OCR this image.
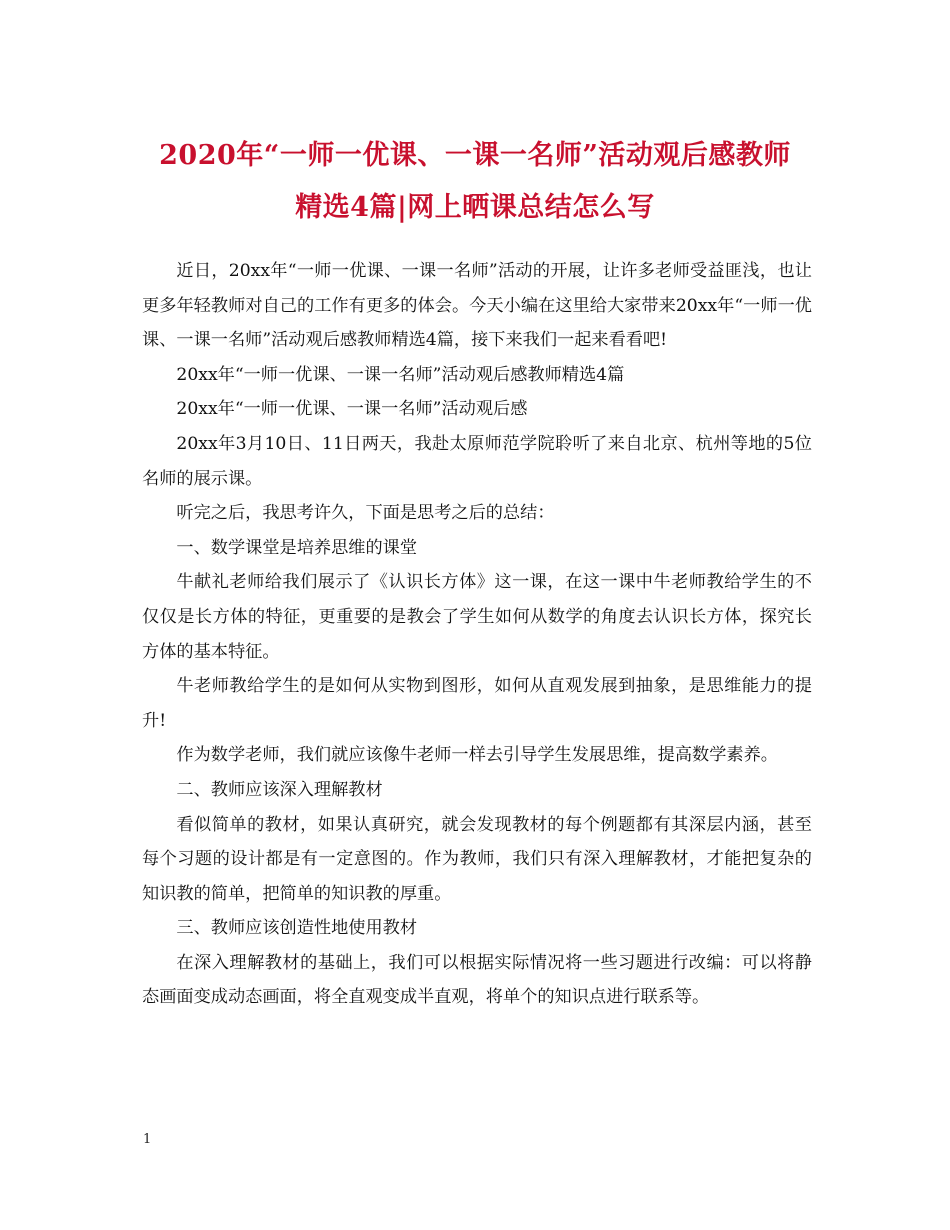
2020年“一师一优课、一课一名师”活动观后感教师
精选4篇|网上晒课总结怎么写

近日，20xx年“一师一优课、一课一名师”活动的开展，让许多老师受益匪浅，也让更多年轻教师对自己的工作有更多的体会。今天小编在这里给大家带来20xx年“一师一优课、一课一名师”活动观后感教师精选4篇，接下来我们一起来看看吧!

20xx年“一师一优课、一课一名师”活动观后感教师精选4篇

20xx年“一师一优课、一课一名师”活动观后感

20xx年3月10日、11日两天，我赴太原师范学院聆听了来自北京、杭州等地的5位名师的展示课。

听完之后，我思考许久，下面是思考之后的总结：

一、数学课堂是培养思维的课堂

牛献礼老师给我们展示了《认识长方体》这一课，在这一课中牛老师教给学生的不仅仅是长方体的特征，更重要的是教会了学生如何从数学的角度去认识长方体，探究长方体的基本特征。

牛老师教给学生的是如何从实物到图形，如何从直观发展到抽象，是思维能力的提升!

作为数学老师，我们就应该像牛老师一样去引导学生发展思维，提高数学素养。

二、教师应该深入理解教材

看似简单的教材，如果认真研究，就会发现教材的每个例题都有其深层内涵，甚至每个习题的设计都是有一定意图的。作为教师，我们只有深入理解教材，才能把复杂的知识教的简单，把简单的知识教的厚重。

三、教师应该创造性地使用教材

在深入理解教材的基础上，我们可以根据实际情况将一些习题进行改编：可以将静态画面变成动态画面，将全直观变成半直观，将单个的知识点进行联系等。

1
